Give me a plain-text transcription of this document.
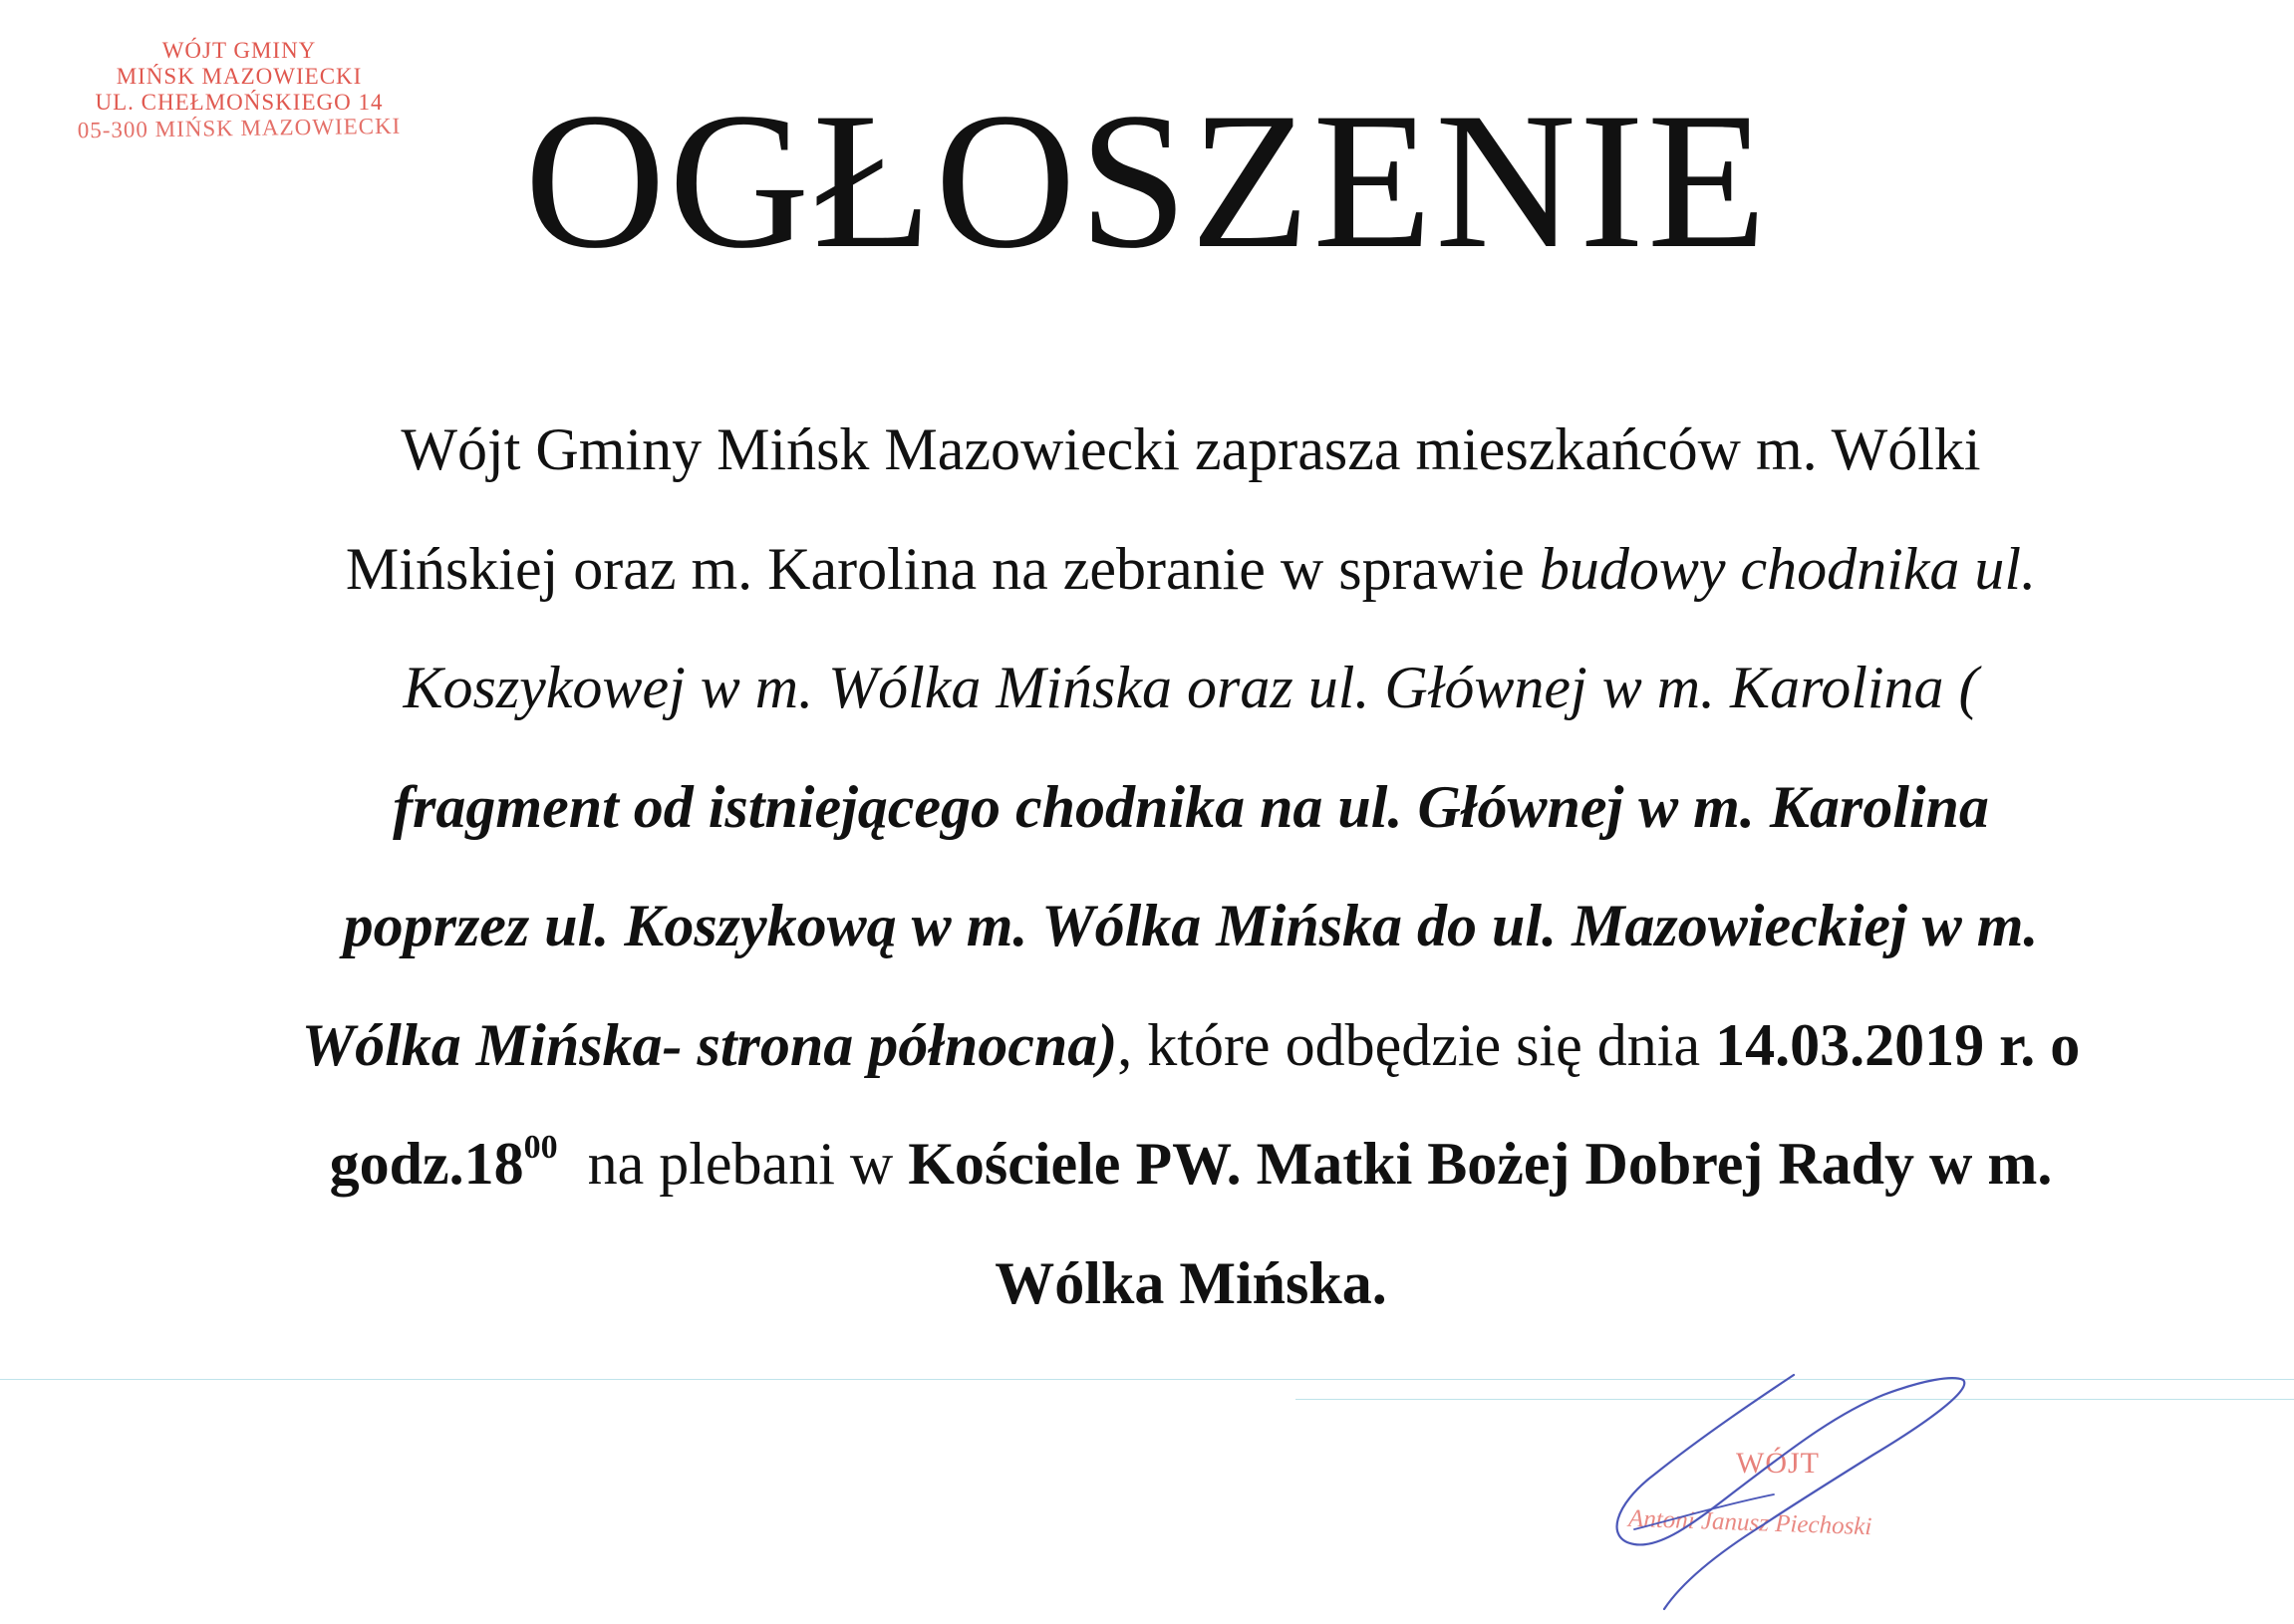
WÓJT GMINY
MIŃSK MAZOWIECKI
UL. CHEŁMOŃSKIEGO 14
05-300 MIŃSK MAZOWIECKI OGŁOSZENIE

Wójt Gminy Mińsk Mazowiecki zaprasza mieszkańców m. Wólki Mińskiej oraz m. Karolina na zebranie w sprawie budowy chodnika ul. Koszykowej w m. Wólka Mińska oraz ul. Głównej w m. Karolina ( fragment od istniejącego chodnika na ul. Głównej w m. Karolina poprzez ul. Koszykową w m. Wólka Mińska do ul. Mazowieckiej w m. Wólka Mińska- strona północna), które odbędzie się dnia 14.03.2019 r. o $godz.18^{00}$  na plebani w Kościele PW. Matki Bożej Dobrej Rady w m. Wólka Mińska.

WÓJT
Antoni Janusz Piechoski
